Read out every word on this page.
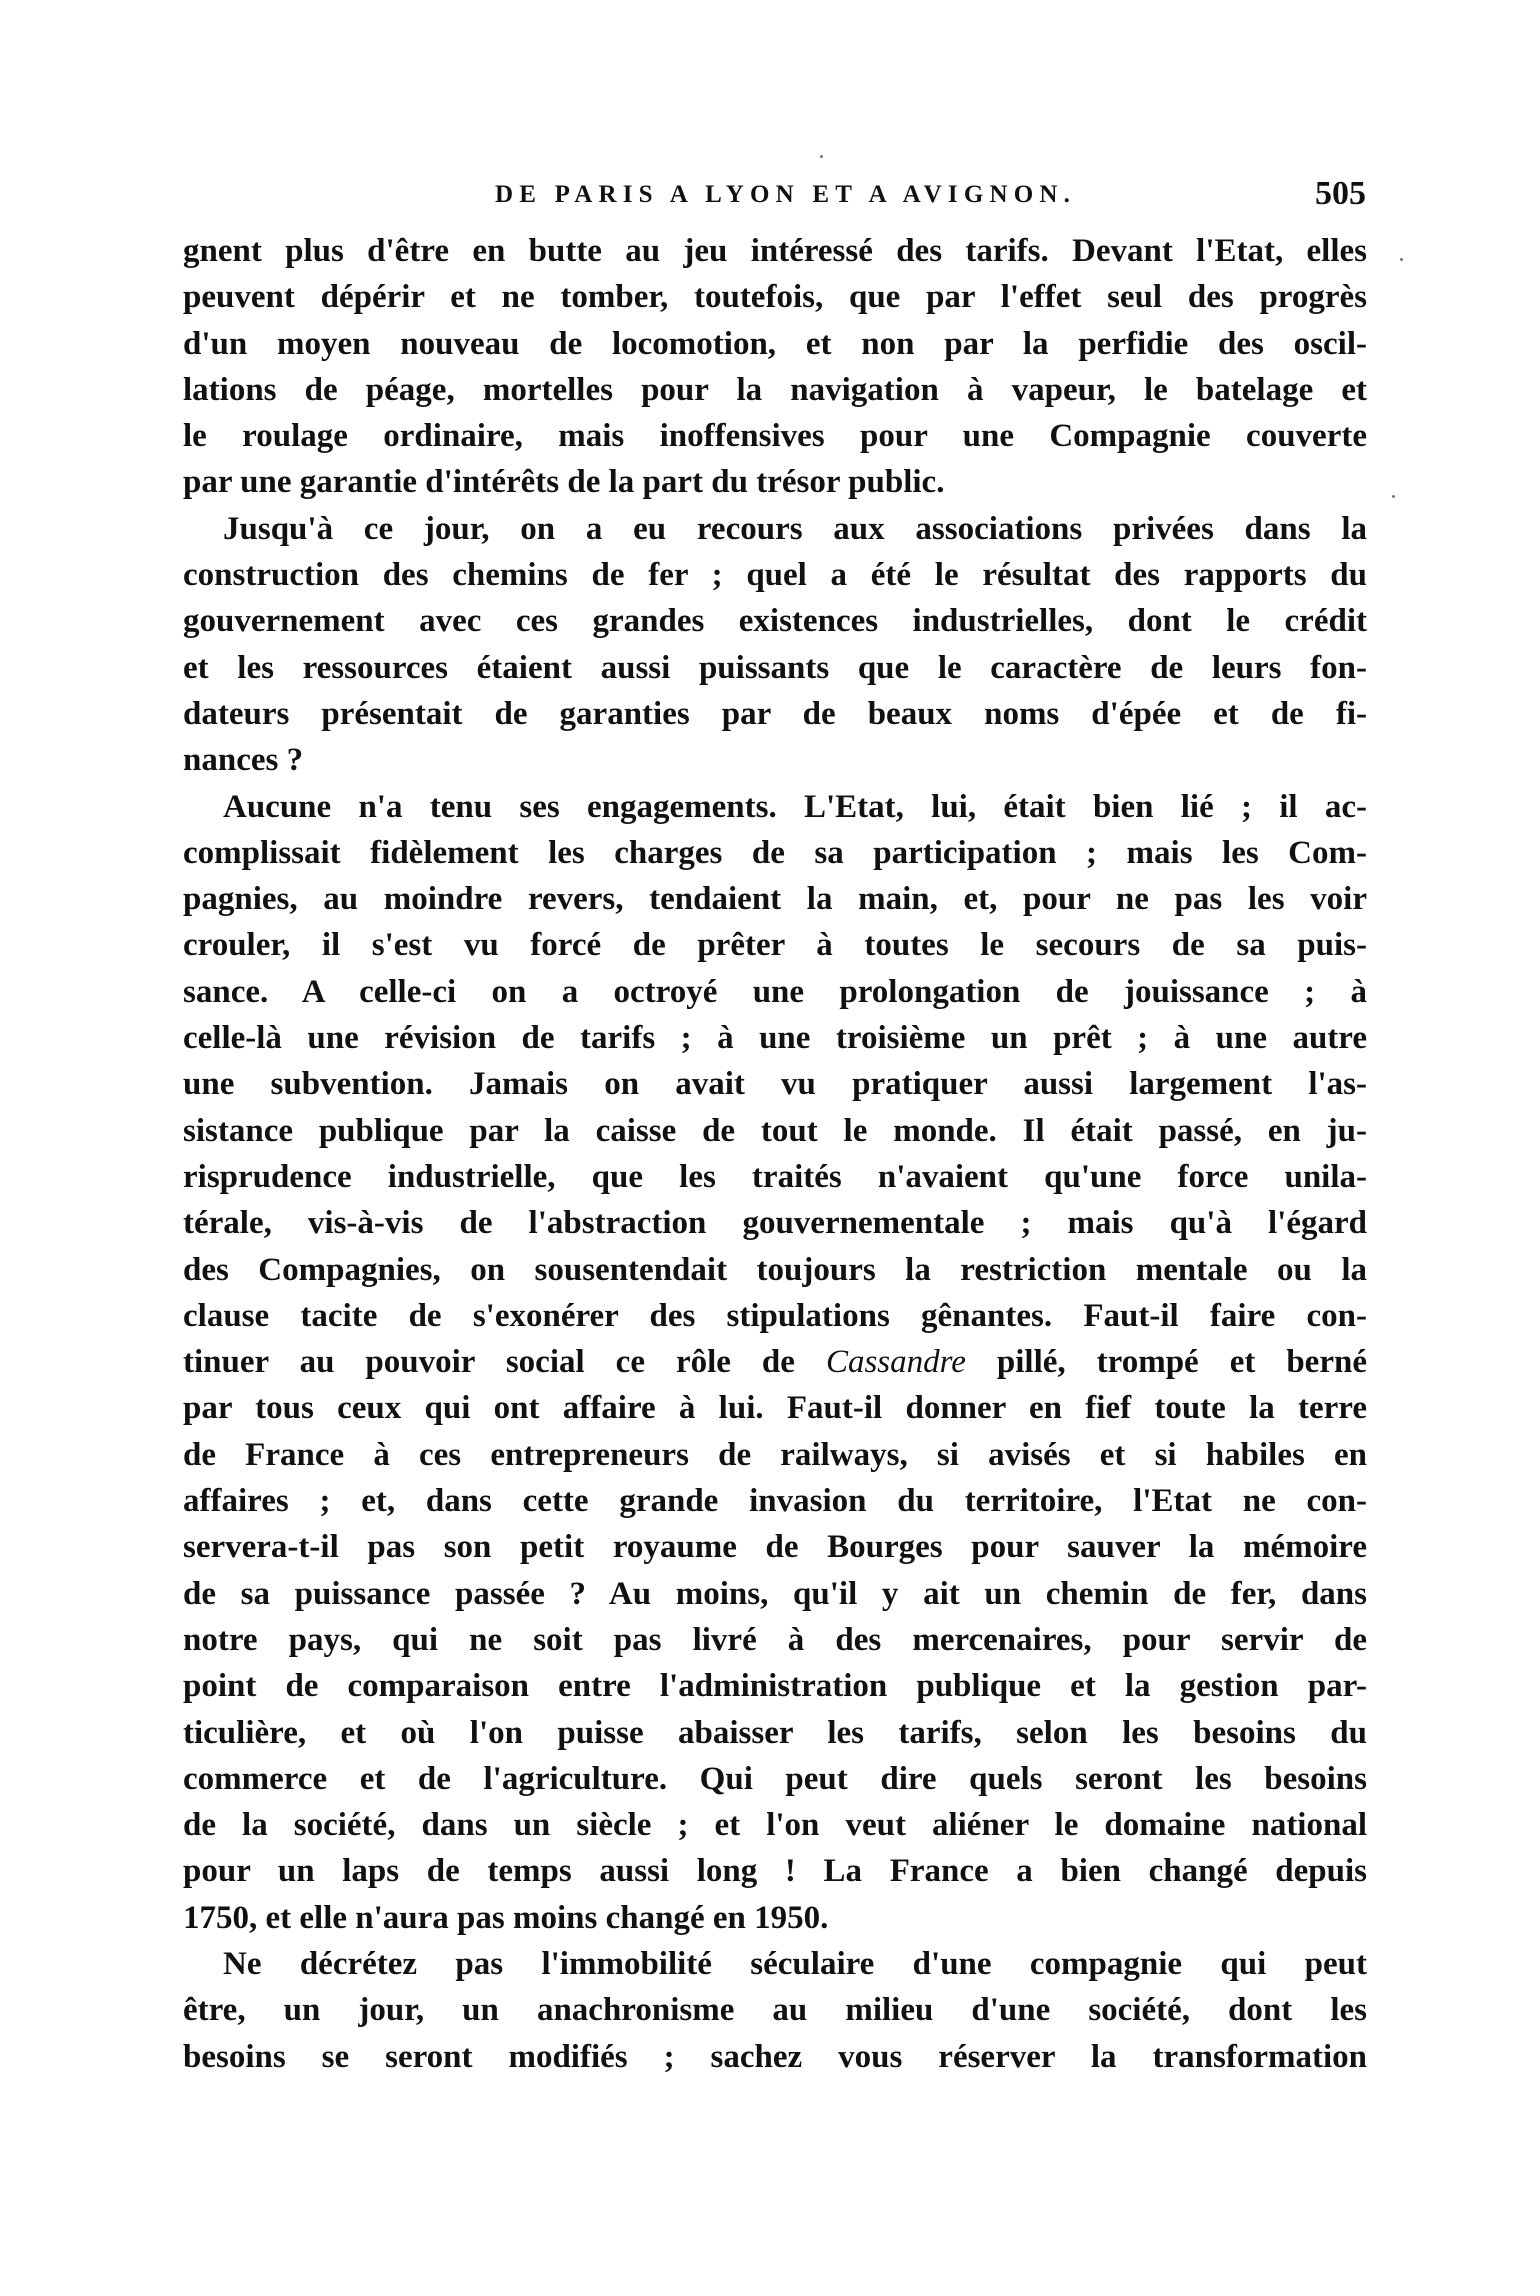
DE PARIS A LYON ET A AVIGNON.	505
gnent plus d'être en butte au jeu intéressé des tarifs. Devant l'Etat, elles
peuvent dépérir et ne tomber, toutefois, que par l'effet seul des progrès
d'un moyen nouveau de locomotion, et non par la perfidie des oscil-
lations de péage, mortelles pour la navigation à vapeur, le batelage et
le roulage ordinaire, mais inoffensives pour une Compagnie couverte
par une garantie d'intérêts de la part du trésor public.
Jusqu'à ce jour, on a eu recours aux associations privées dans la
construction des chemins de fer ; quel a été le résultat des rapports du
gouvernement avec ces grandes existences industrielles, dont le crédit
et les ressources étaient aussi puissants que le caractère de leurs fon-
dateurs présentait de garanties par de beaux noms d'épée et de fi-
nances ?
Aucune n'a tenu ses engagements. L'Etat, lui, était bien lié ; il ac-
complissait fidèlement les charges de sa participation ; mais les Com-
pagnies, au moindre revers, tendaient la main, et, pour ne pas les voir
crouler, il s'est vu forcé de prêter à toutes le secours de sa puis-
sance. A celle-ci on a octroyé une prolongation de jouissance ; à
celle-là une révision de tarifs ; à une troisième un prêt ; à une autre
une subvention. Jamais on avait vu pratiquer aussi largement l'as-
sistance publique par la caisse de tout le monde. Il était passé, en ju-
risprudence industrielle, que les traités n'avaient qu'une force unila-
térale, vis-à-vis de l'abstraction gouvernementale ; mais qu'à l'égard
des Compagnies, on sousentendait toujours la restriction mentale ou la
clause tacite de s'exonérer des stipulations gênantes. Faut-il faire con-
tinuer au pouvoir social ce rôle de Cassandre pillé, trompé et berné
par tous ceux qui ont affaire à lui. Faut-il donner en fief toute la terre
de France à ces entrepreneurs de railways, si avisés et si habiles en
affaires ; et, dans cette grande invasion du territoire, l'Etat ne con-
servera-t-il pas son petit royaume de Bourges pour sauver la mémoire
de sa puissance passée ? Au moins, qu'il y ait un chemin de fer, dans
notre pays, qui ne soit pas livré à des mercenaires, pour servir de
point de comparaison entre l'administration publique et la gestion par-
ticulière, et où l'on puisse abaisser les tarifs, selon les besoins du
commerce et de l'agriculture. Qui peut dire quels seront les besoins
de la société, dans un siècle ; et l'on veut aliéner le domaine national
pour un laps de temps aussi long ! La France a bien changé depuis
1750, et elle n'aura pas moins changé en 1950.
Ne décrétez pas l'immobilité séculaire d'une compagnie qui peut
être, un jour, un anachronisme au milieu d'une société, dont les
besoins se seront modifiés ; sachez vous réserver la transformation
